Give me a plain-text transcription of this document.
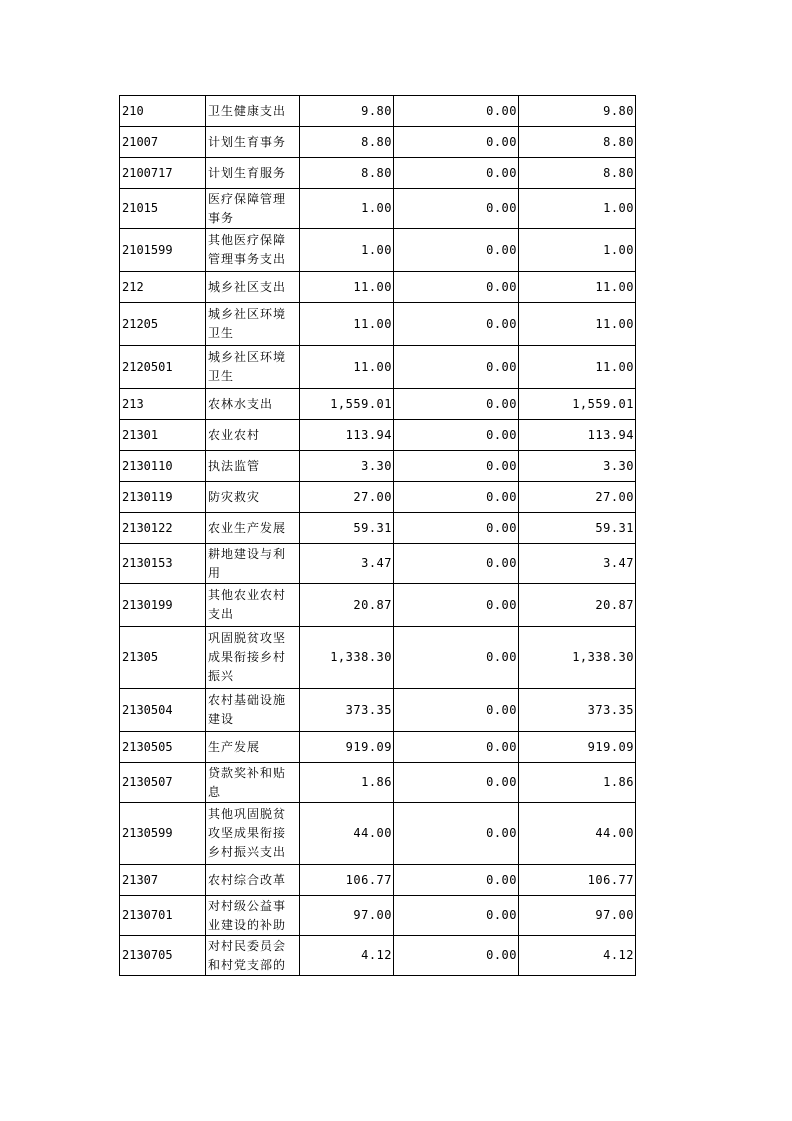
210	卫生健康支出	9.80	0.00	9.80
21007	计划生育事务	8.80	0.00	8.80
2100717	计划生育服务	8.80	0.00	8.80
21015	医疗保障管理事务	1.00	0.00	1.00
2101599	其他医疗保障管理事务支出	1.00	0.00	1.00
212	城乡社区支出	11.00	0.00	11.00
21205	城乡社区环境卫生	11.00	0.00	11.00
2120501	城乡社区环境卫生	11.00	0.00	11.00
213	农林水支出	1,559.01	0.00	1,559.01
21301	农业农村	113.94	0.00	113.94
2130110	执法监管	3.30	0.00	3.30
2130119	防灾救灾	27.00	0.00	27.00
2130122	农业生产发展	59.31	0.00	59.31
2130153	耕地建设与利用	3.47	0.00	3.47
2130199	其他农业农村支出	20.87	0.00	20.87
21305	巩固脱贫攻坚成果衔接乡村振兴	1,338.30	0.00	1,338.30
2130504	农村基础设施建设	373.35	0.00	373.35
2130505	生产发展	919.09	0.00	919.09
2130507	贷款奖补和贴息	1.86	0.00	1.86
2130599	其他巩固脱贫攻坚成果衔接乡村振兴支出	44.00	0.00	44.00
21307	农村综合改革	106.77	0.00	106.77
2130701	对村级公益事业建设的补助	97.00	0.00	97.00
2130705	对村民委员会和村党支部的	4.12	0.00	4.12
